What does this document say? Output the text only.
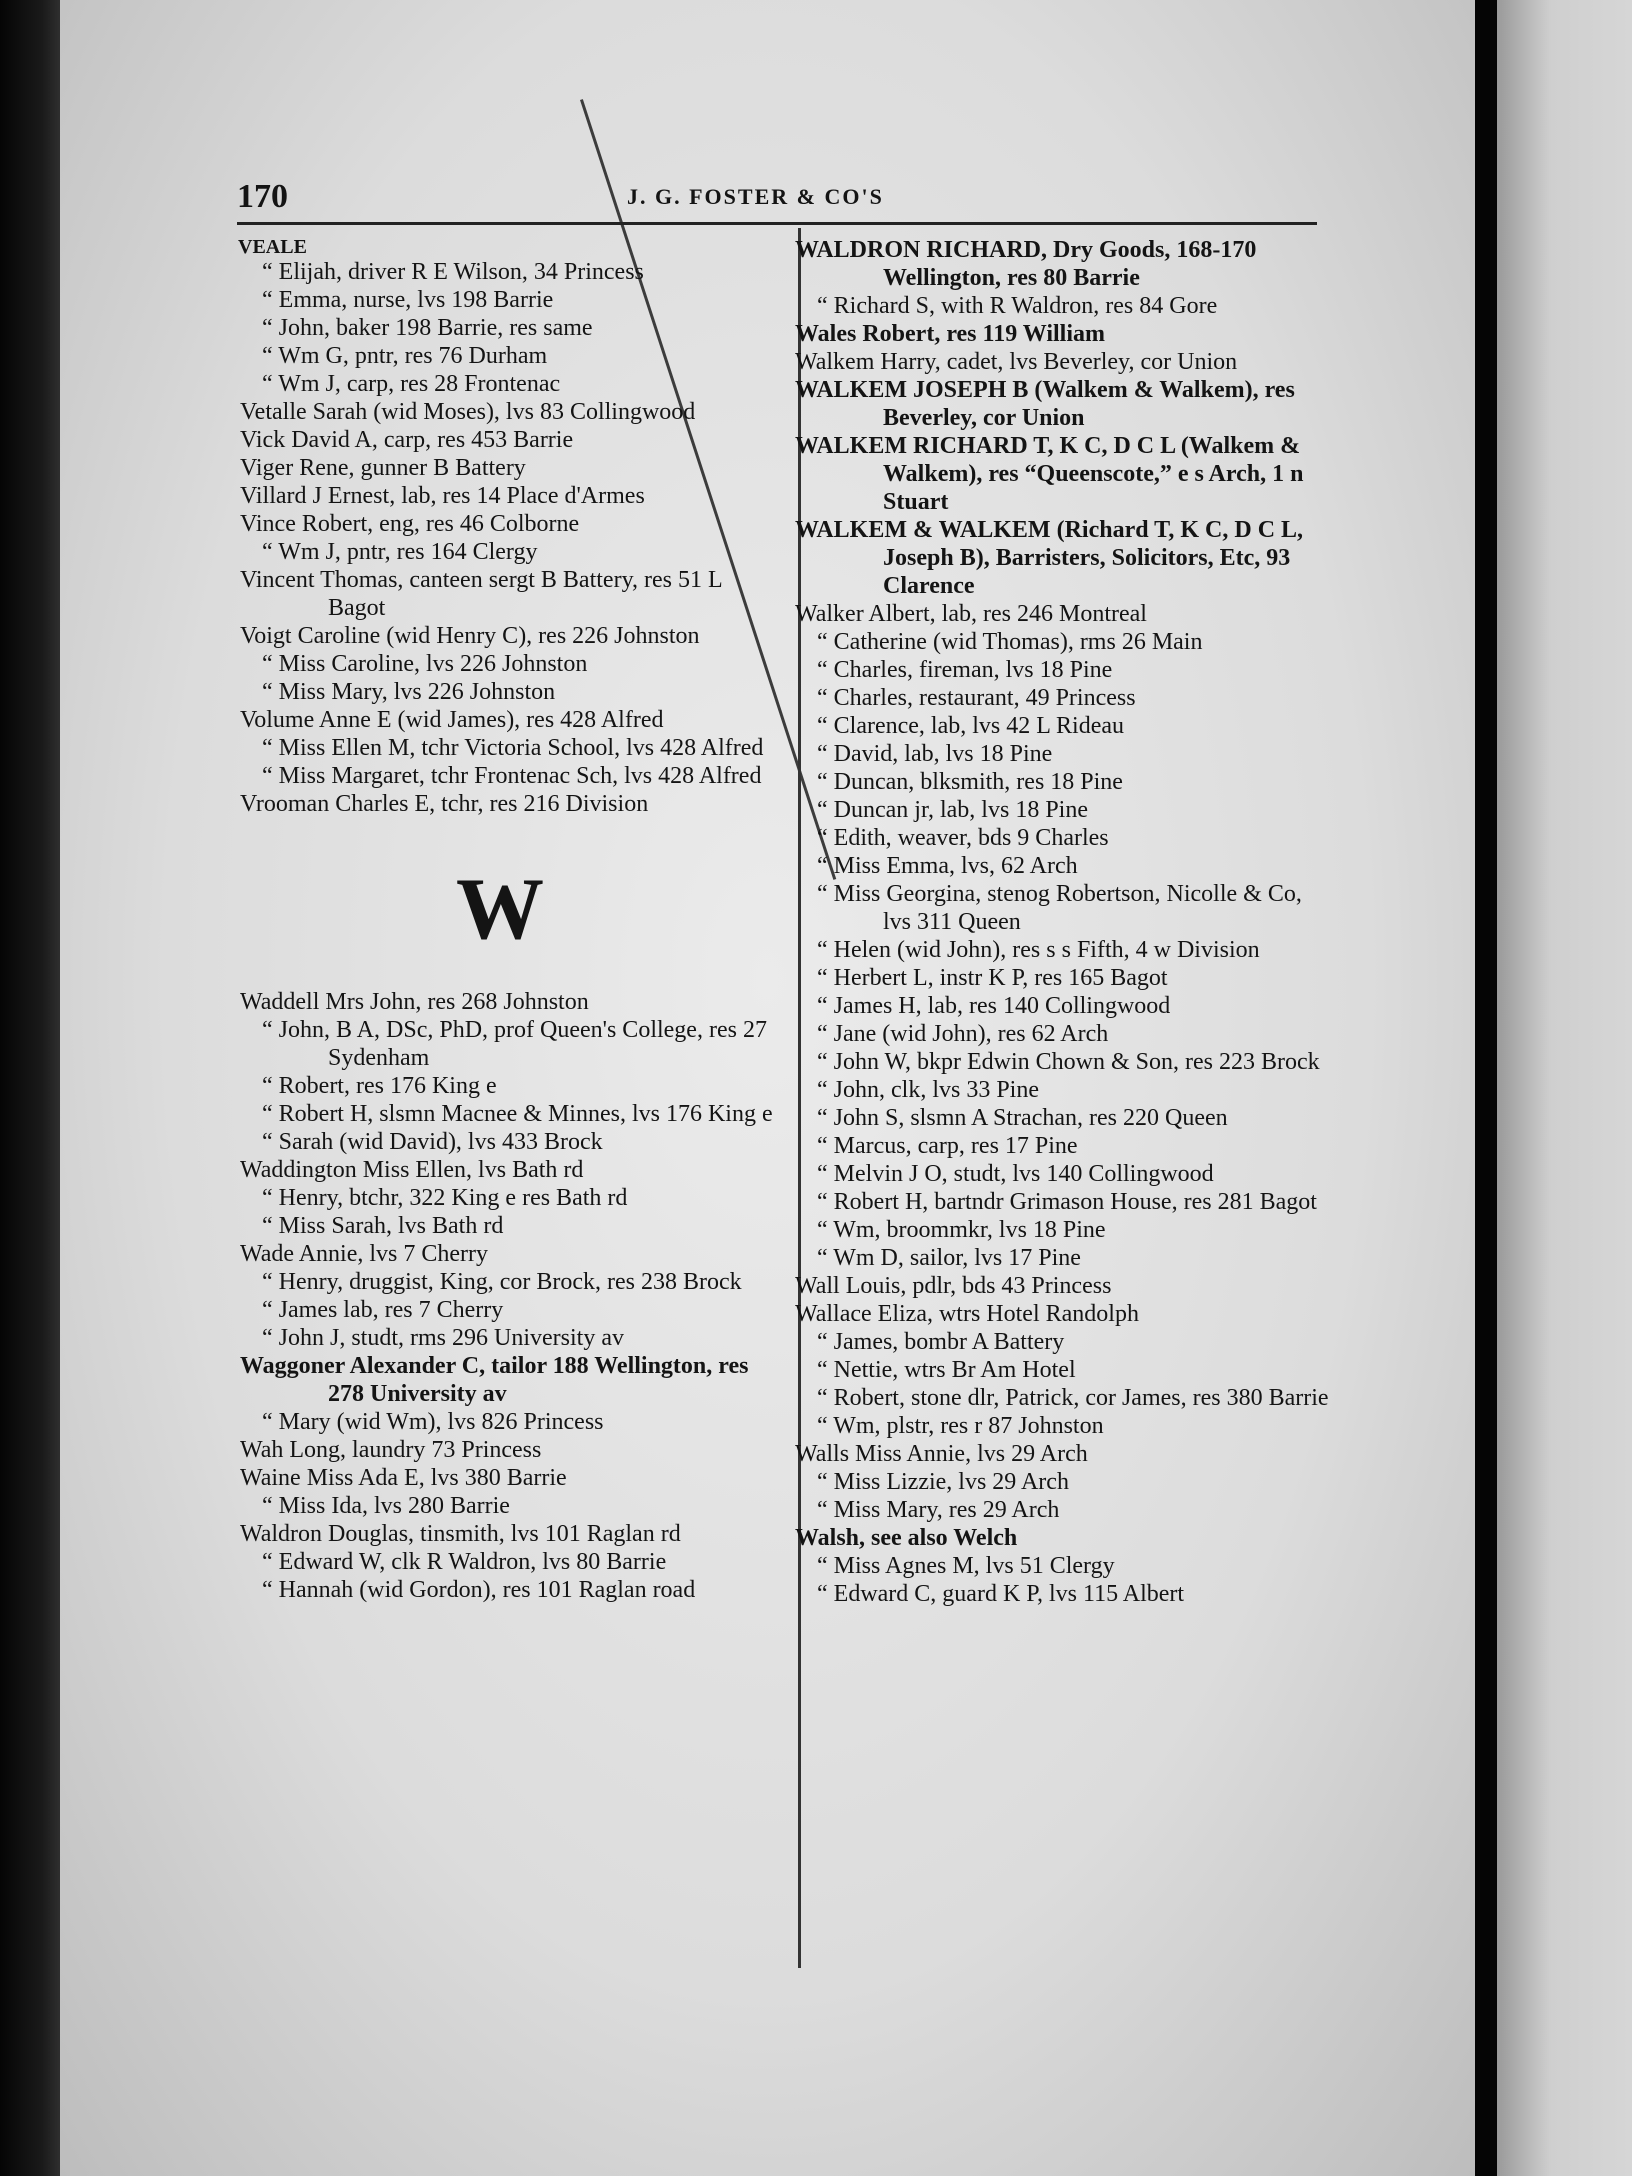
170	J. G. FOSTER & CO'S
VEALE
“ Elijah, driver R E Wilson, 34 Princess
“ Emma, nurse, lvs 198 Barrie
“ John, baker 198 Barrie, res same
“ Wm G, pntr, res 76 Durham
“ Wm J, carp, res 28 Frontenac
Vetalle Sarah (wid Moses), lvs 83 Collingwood
Vick David A, carp, res 453 Barrie
Viger Rene, gunner B Battery
Villard J Ernest, lab, res 14 Place d'Armes
Vince Robert, eng, res 46 Colborne
“ Wm J, pntr, res 164 Clergy
Vincent Thomas, canteen sergt B Battery, res 51 L Bagot
Voigt Caroline (wid Henry C), res 226 Johnston
“ Miss Caroline, lvs 226 Johnston
“ Miss Mary, lvs 226 Johnston
Volume Anne E (wid James), res 428 Alfred
“ Miss Ellen M, tchr Victoria School, lvs 428 Alfred
“ Miss Margaret, tchr Frontenac Sch, lvs 428 Alfred
Vrooman Charles E, tchr, res 216 Division
W
Waddell Mrs John, res 268 Johnston
“ John, B A, DSc, PhD, prof Queen's College, res 27 Sydenham
“ Robert, res 176 King e
“ Robert H, slsmn Macnee & Minnes, lvs 176 King e
“ Sarah (wid David), lvs 433 Brock
Waddington Miss Ellen, lvs Bath rd
“ Henry, btchr, 322 King e res Bath rd
“ Miss Sarah, lvs Bath rd
Wade Annie, lvs 7 Cherry
“ Henry, druggist, King, cor Brock, res 238 Brock
“ James lab, res 7 Cherry
“ John J, studt, rms 296 University av
Waggoner Alexander C, tailor 188 Wellington, res 278 University av
“ Mary (wid Wm), lvs 826 Princess
Wah Long, laundry 73 Princess
Waine Miss Ada E, lvs 380 Barrie
“ Miss Ida, lvs 280 Barrie
Waldron Douglas, tinsmith, lvs 101 Raglan rd
“ Edward W, clk R Waldron, lvs 80 Barrie
“ Hannah (wid Gordon), res 101 Raglan road
WALDRON RICHARD, Dry Goods, 168-170 Wellington, res 80 Barrie
“ Richard S, with R Waldron, res 84 Gore
Wales Robert, res 119 William
Walkem Harry, cadet, lvs Beverley, cor Union
WALKEM JOSEPH B (Walkem & Walkem), res Beverley, cor Union
WALKEM RICHARD T, K C, D C L (Walkem & Walkem), res “Queenscote,” e s Arch, 1 n Stuart
WALKEM & WALKEM (Richard T, K C, D C L, Joseph B), Barristers, Solicitors, Etc, 93 Clarence
Walker Albert, lab, res 246 Montreal
“ Catherine (wid Thomas), rms 26 Main
“ Charles, fireman, lvs 18 Pine
“ Charles, restaurant, 49 Princess
“ Clarence, lab, lvs 42 L Rideau
“ David, lab, lvs 18 Pine
“ Duncan, blksmith, res 18 Pine
“ Duncan jr, lab, lvs 18 Pine
“ Edith, weaver, bds 9 Charles
“ Miss Emma, lvs, 62 Arch
“ Miss Georgina, stenog Robertson, Nicolle & Co, lvs 311 Queen
“ Helen (wid John), res s s Fifth, 4 w Division
“ Herbert L, instr K P, res 165 Bagot
“ James H, lab, res 140 Collingwood
“ Jane (wid John), res 62 Arch
“ John W, bkpr Edwin Chown & Son, res 223 Brock
“ John, clk, lvs 33 Pine
“ John S, slsmn A Strachan, res 220 Queen
“ Marcus, carp, res 17 Pine
“ Melvin J O, studt, lvs 140 Collingwood
“ Robert H, bartndr Grimason House, res 281 Bagot
“ Wm, broommkr, lvs 18 Pine
“ Wm D, sailor, lvs 17 Pine
Wall Louis, pdlr, bds 43 Princess
Wallace Eliza, wtrs Hotel Randolph
“ James, bombr A Battery
“ Nettie, wtrs Br Am Hotel
“ Robert, stone dlr, Patrick, cor James, res 380 Barrie
“ Wm, plstr, res r 87 Johnston
Walls Miss Annie, lvs 29 Arch
“ Miss Lizzie, lvs 29 Arch
“ Miss Mary, res 29 Arch
Walsh, see also Welch
“ Miss Agnes M, lvs 51 Clergy
“ Edward C, guard K P, lvs 115 Albert
